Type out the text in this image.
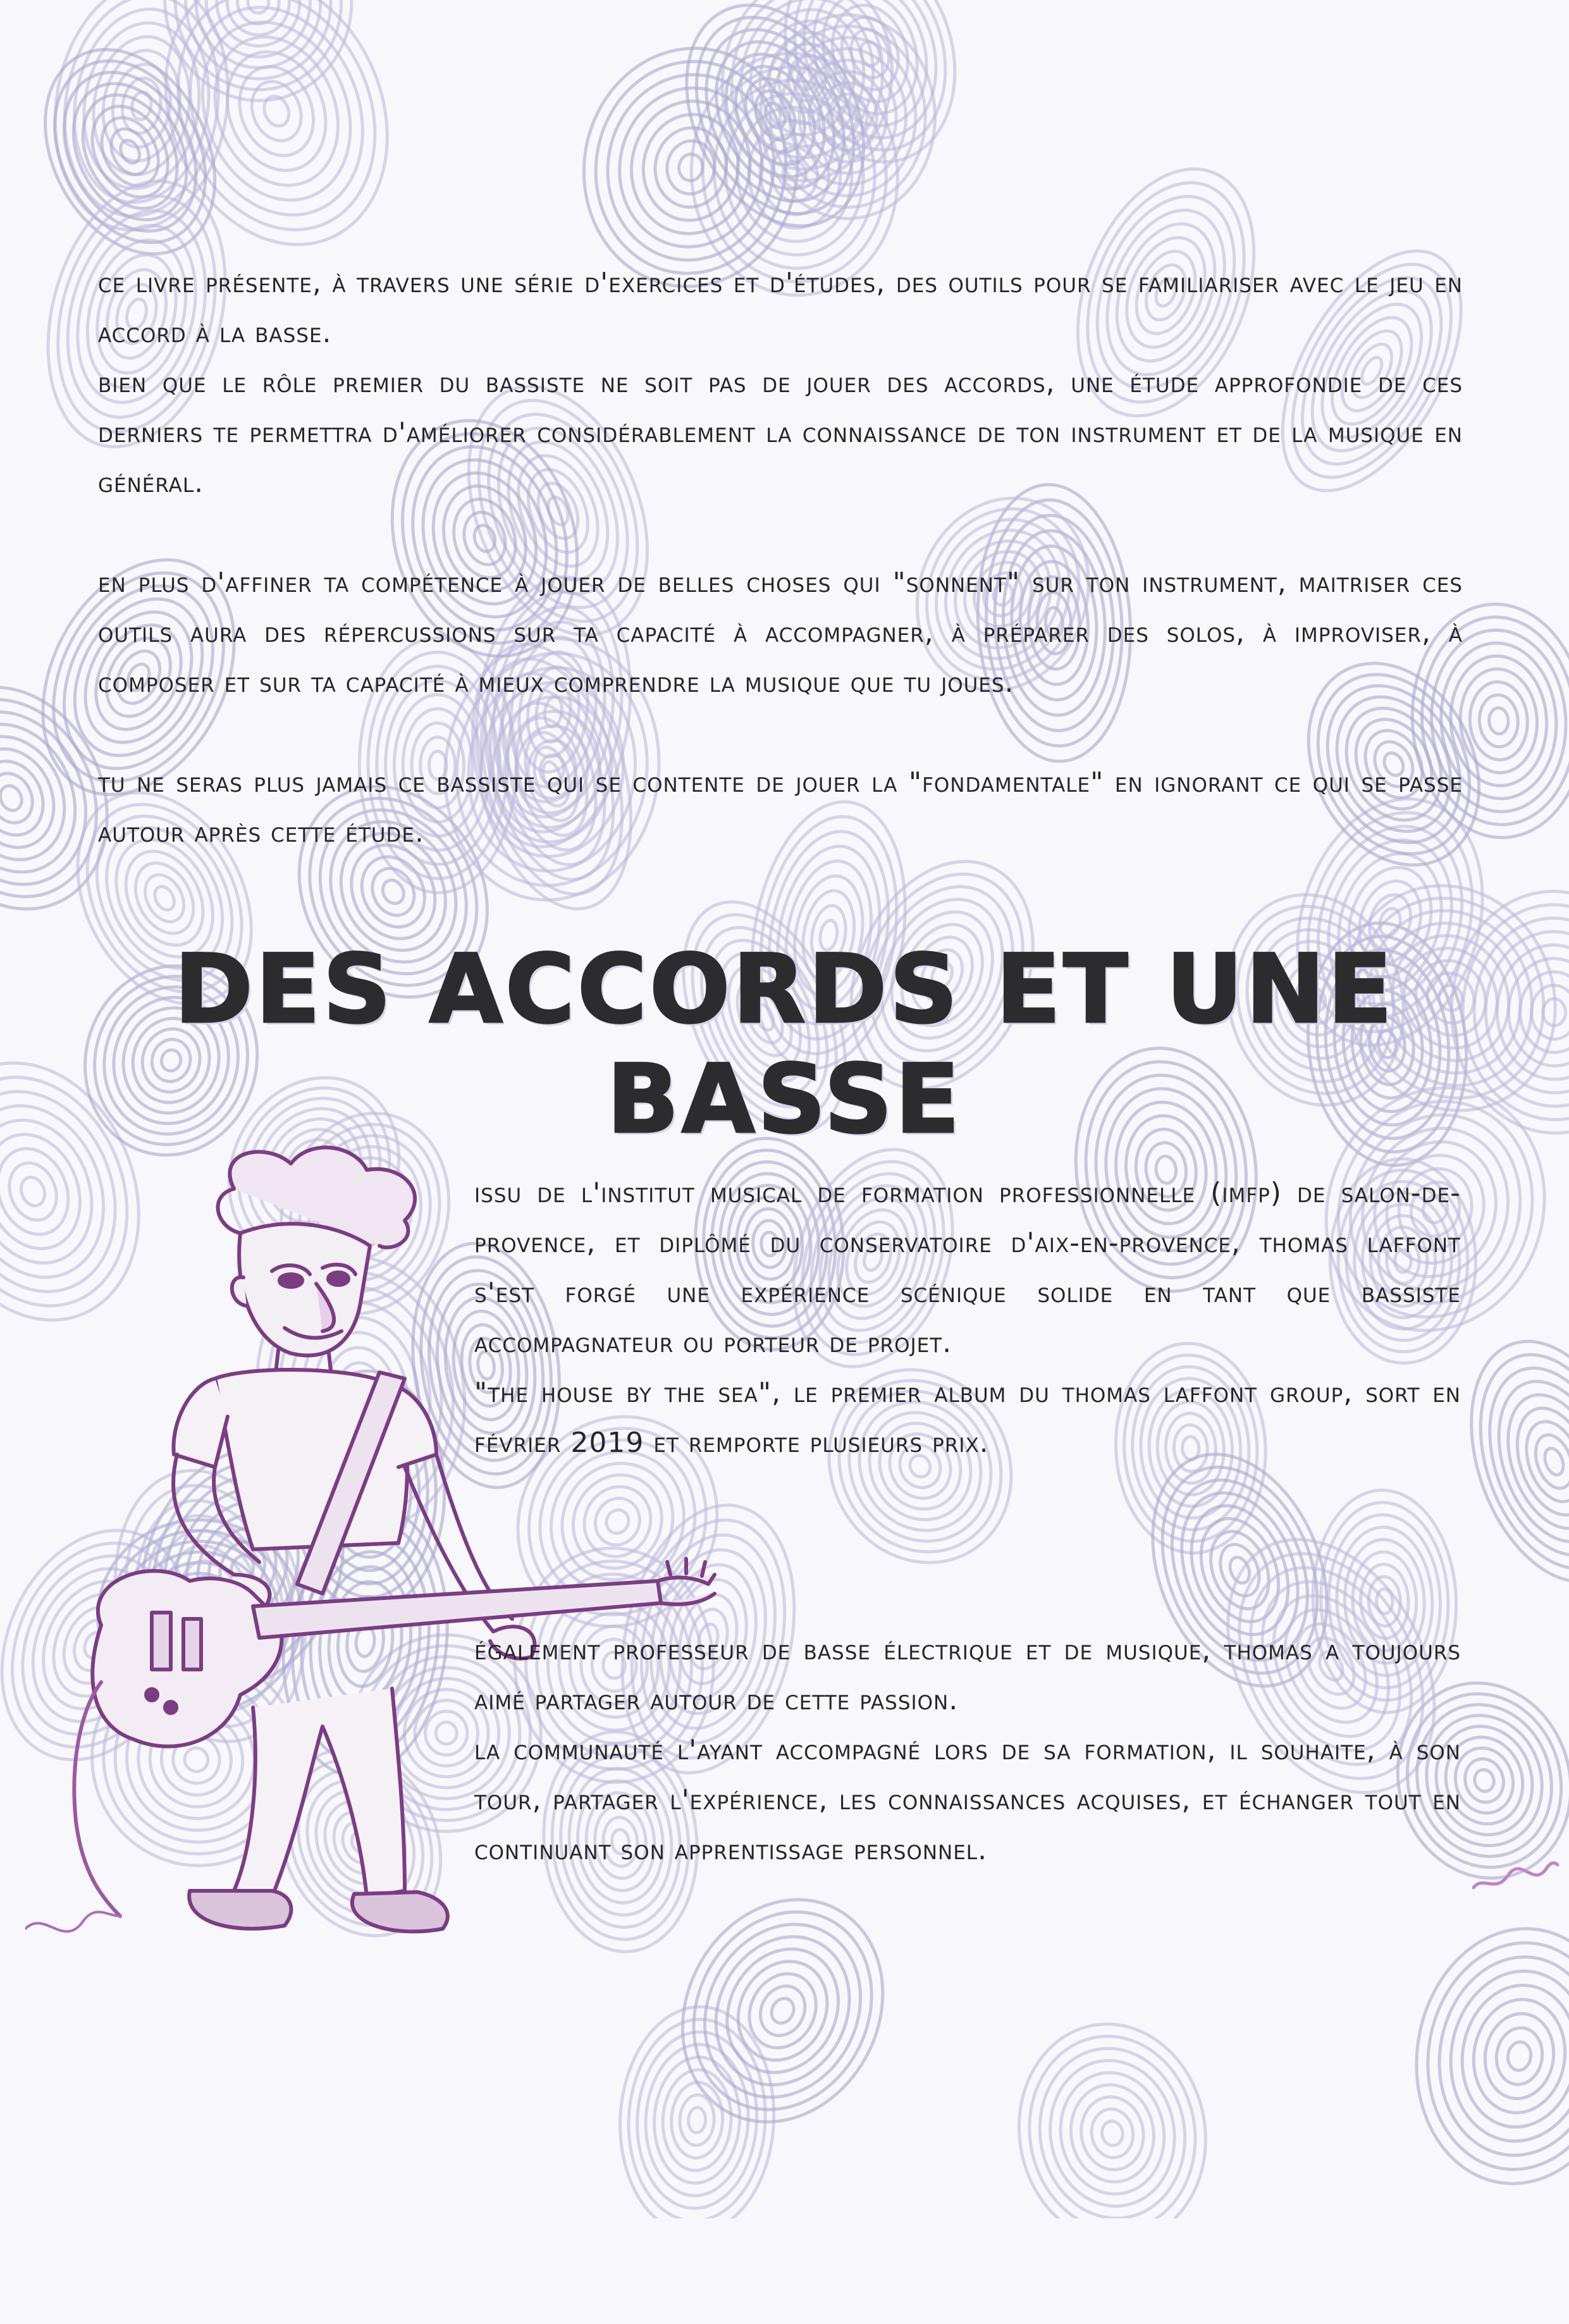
ce livre présente, à travers une série d'exercices et d'études, des outils pour se familiariser avec le jeu en accord à la basse.

bien que le rôle premier du bassiste ne soit pas de jouer des accords, une étude approfondie de ces derniers te permettra d'améliorer considérablement la connaissance de ton instrument et de la musique en général.

en plus d'affiner ta compétence à jouer de belles choses qui "sonnent" sur ton instrument, maitriser ces outils aura des répercussions sur ta capacité à accompagner, à préparer des solos, à improviser, à composer et sur ta capacité à mieux comprendre la musique que tu joues.

tu ne seras plus jamais ce bassiste qui se contente de jouer la "fondamentale" en ignorant ce qui se passe autour après cette étude.

DES ACCORDS ET UNE BASSE

issu de l'institut musical de formation professionnelle (imfp) de salon-de-provence, et diplômé du conservatoire d'aix-en-provence, thomas laffont s'est forgé une expérience scénique solide en tant que bassiste accompagnateur ou porteur de projet.

"the house by the sea", le premier album du thomas laffont group, sort en février 2019 et remporte plusieurs prix.

également professeur de basse électrique et de musique, thomas a toujours aimé partager autour de cette passion.

la communauté l'ayant accompagné lors de sa formation, il souhaite, à son tour, partager l'expérience, les connaissances acquises, et échanger tout en continuant son apprentissage personnel.
